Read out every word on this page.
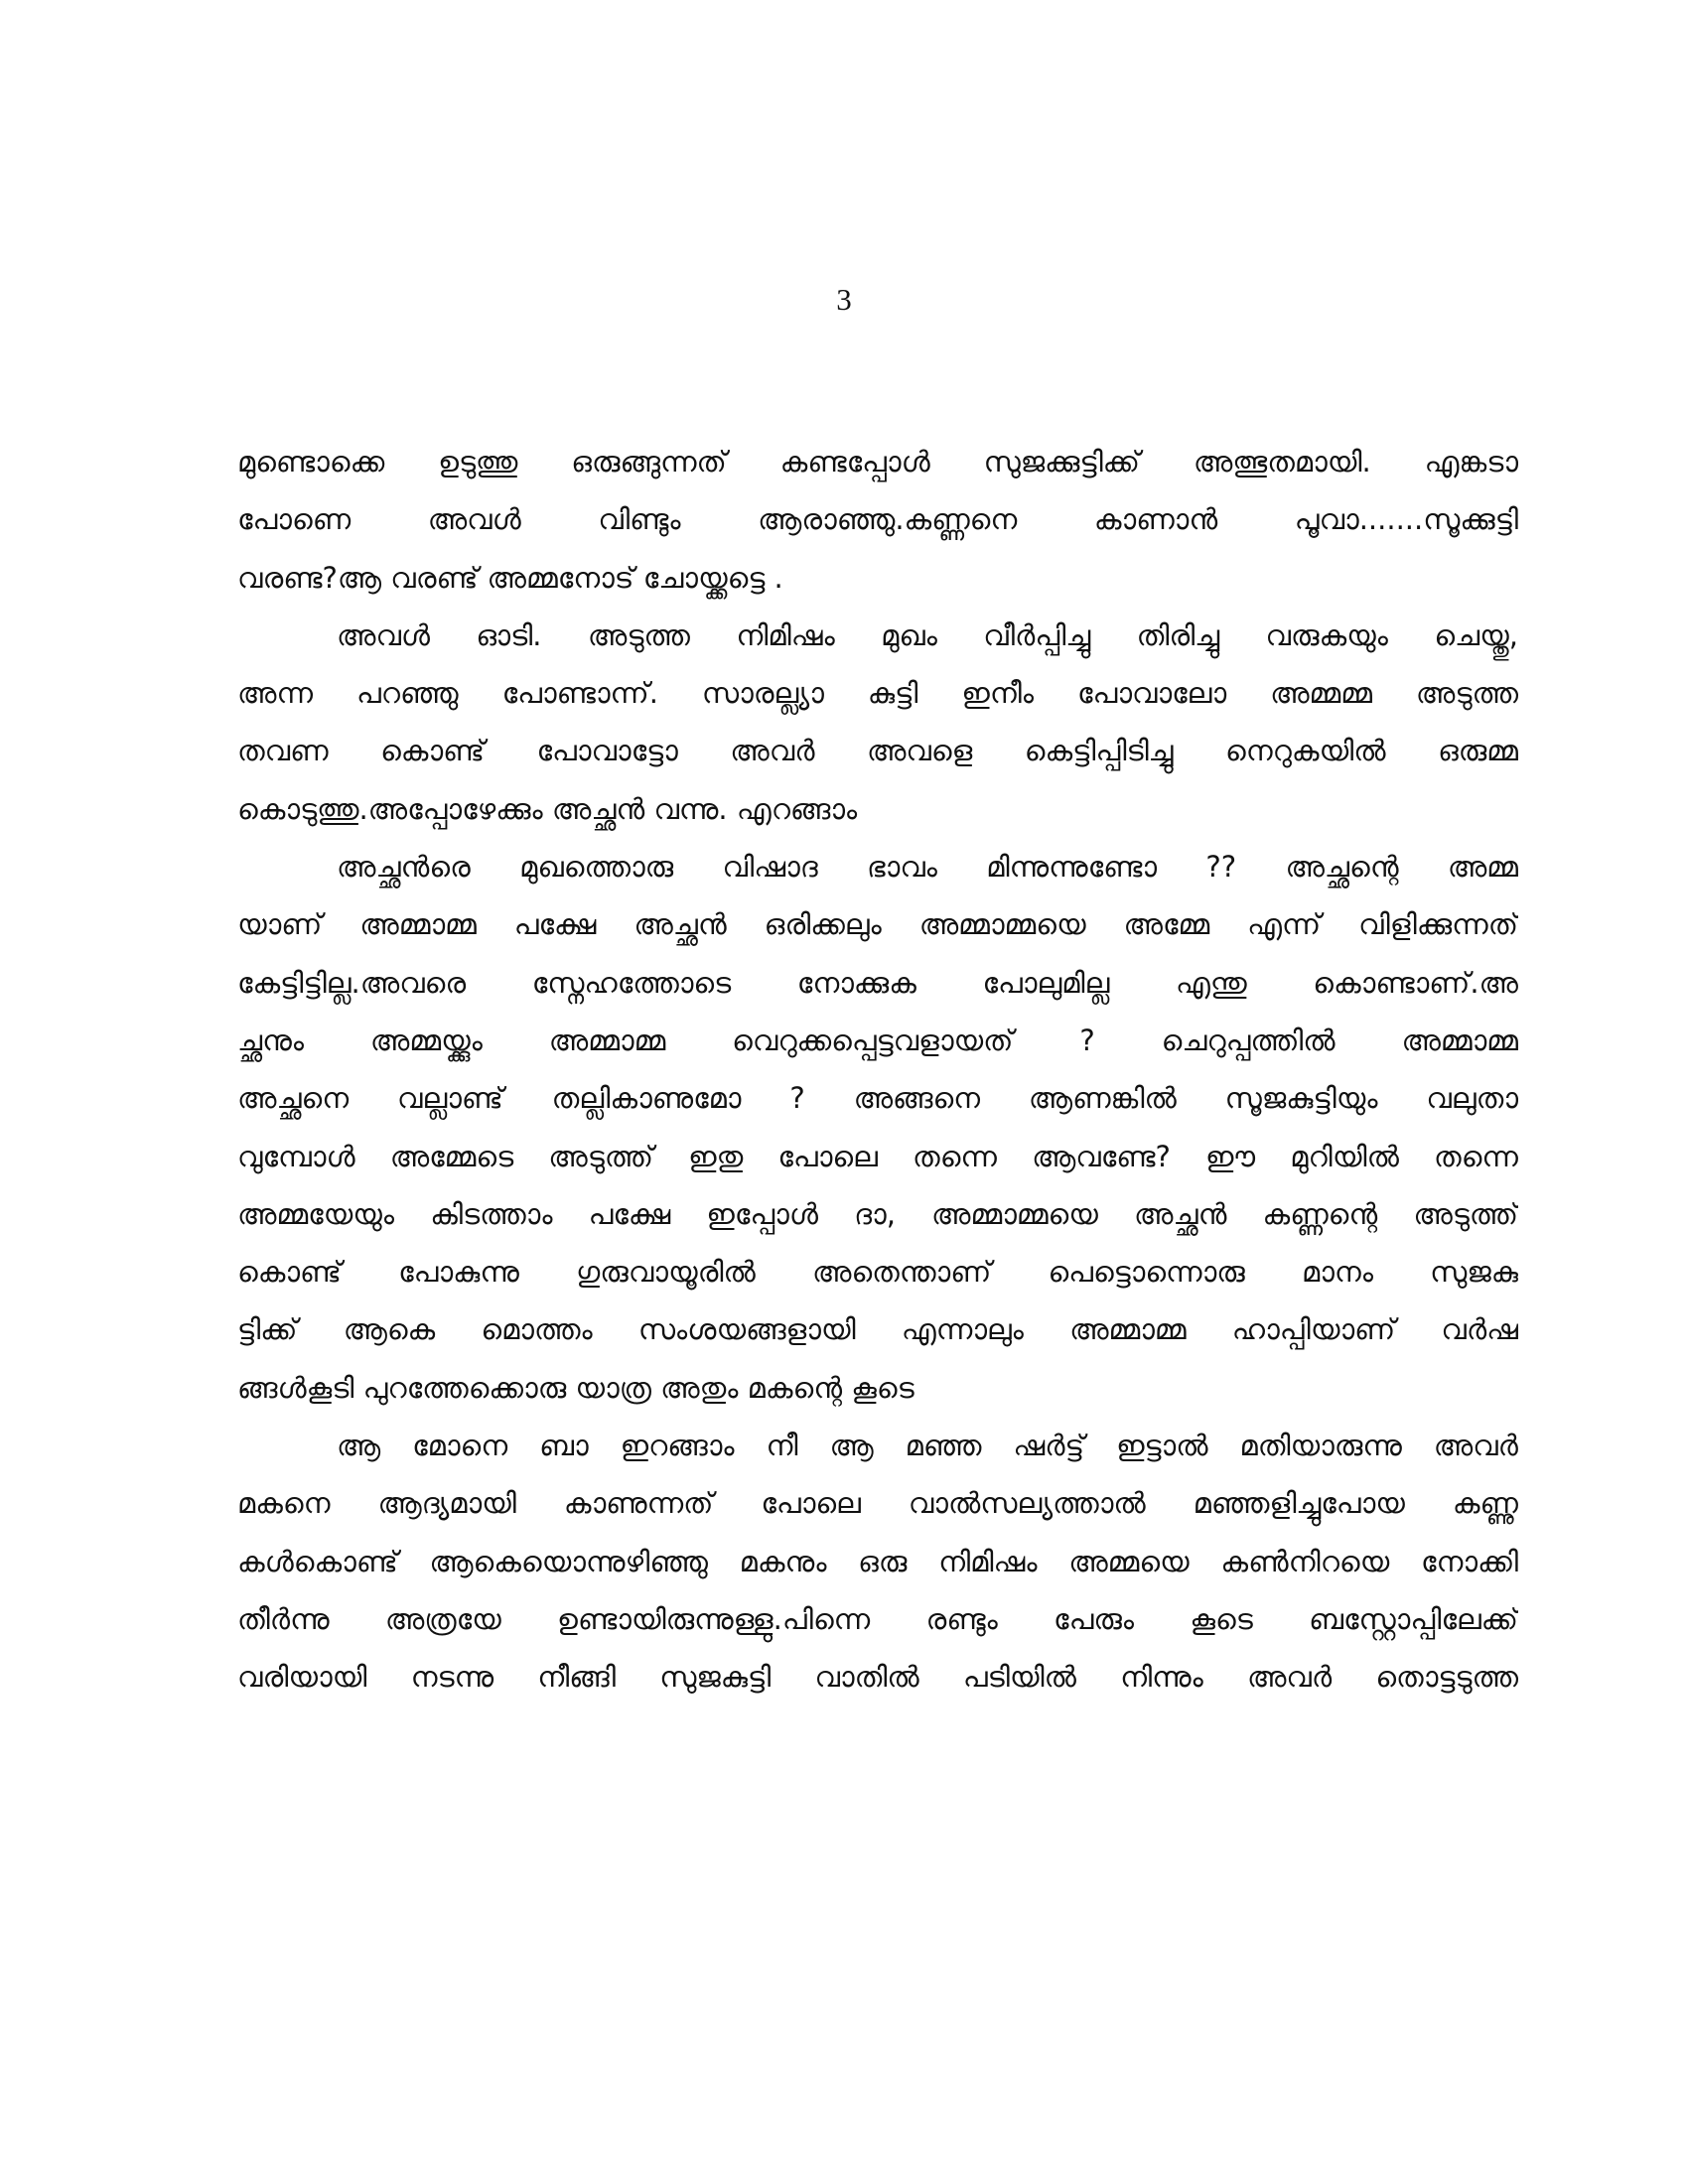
3
മുണ്ടൊക്കെ ഉടുത്തു ഒരുങ്ങുന്നത് കണ്ടപ്പോൾ സുജക്കുട്ടിക്ക് അത്ഭുതമായി. എങ്കടാ
പോണെ അവൾ വിണ്ടും ആരാഞ്ഞു.കണ്ണനെ കാണാൻ പൂവാ.......സൂക്കുട്ടി
വരണ്ട?ആ വരണ്ട് അമ്മനോട് ചോയ്ക്കട്ടെ .
അവൾ ഓടി. അടുത്ത നിമിഷം മുഖം വീർപ്പിച്ചു തിരിച്ചു വരുകയും ചെയ്തു,
അന്ന പറഞ്ഞു പോണ്ടാന്ന്. സാരല്ല്യാ കുട്ടി ഇനീം പോവാലോ അമ്മമ്മ അടുത്ത
തവണ കൊണ്ട് പോവാട്ടോ അവർ അവളെ കെട്ടിപ്പിടിച്ചു നെറുകയിൽ ഒരുമ്മ
കൊടുത്തു.അപ്പോഴേക്കും അച്ഛൻ വന്നു. എറങ്ങാം
അച്ഛൻരെ മുഖത്തൊരു വിഷാദ ഭാവം മിന്നുന്നുണ്ടോ ?? അച്ഛന്റെ അമ്മ
യാണ് അമ്മാമ്മ പക്ഷേ അച്ഛൻ ഒരിക്കലും അമ്മാമ്മയെ അമ്മേ എന്ന് വിളിക്കുന്നത്
കേട്ടിട്ടില്ല.അവരെ സ്നേഹത്തോടെ നോക്കുക പോലുമില്ല എന്തു കൊണ്ടാണ്.അ
ച്ഛനും അമ്മയ്ക്കും അമ്മാമ്മ വെറുക്കപ്പെട്ടവളായത് ? ചെറുപ്പത്തിൽ അമ്മാമ്മ
അച്ഛനെ വല്ലാണ്ട് തല്ലികാണുമോ ? അങ്ങനെ ആണങ്കിൽ സൂജകുട്ടിയും വലുതാ
വുമ്പോൾ അമ്മേടെ അടുത്ത് ഇതു പോലെ തന്നെ ആവണ്ടേ? ഈ മുറിയിൽ തന്നെ
അമ്മയേയും കിടത്താം പക്ഷേ ഇപ്പോൾ ദാ, അമ്മാമ്മയെ അച്ഛൻ കണ്ണന്റെ അടുത്ത്
കൊണ്ട് പോകുന്നു ഗുരുവായൂരിൽ അതെന്താണ് പെട്ടൊന്നൊരു മാനം സുജകു
ട്ടിക്ക് ആകെ മൊത്തം സംശയങ്ങളായി എന്നാലും അമ്മാമ്മ ഹാപ്പിയാണ് വർഷ
ങ്ങൾകൂടി പുറത്തേക്കൊരു യാത്ര അതും മകന്റെ കൂടെ
ആ മോനെ ബാ ഇറങ്ങാം നീ ആ മഞ്ഞ ഷർട്ട് ഇട്ടാൽ മതിയാരുന്നു അവർ
മകനെ ആദ്യമായി കാണുന്നത് പോലെ വാൽസല്യത്താൽ മഞ്ഞളിച്ചുപോയ കണ്ണു
കൾകൊണ്ട് ആകെയൊന്നുഴിഞ്ഞു മകനും ഒരു നിമിഷം അമ്മയെ കൺനിറയെ നോക്കി
തീർന്നു അത്രയേ ഉണ്ടായിരുന്നുള്ളു.പിന്നെ രണ്ടും പേരും കൂടെ ബസ്റ്റോപ്പിലേക്ക്
വരിയായി നടന്നു നീങ്ങി സുജകുട്ടി വാതിൽ പടിയിൽ നിന്നും അവർ തൊട്ടടുത്ത
